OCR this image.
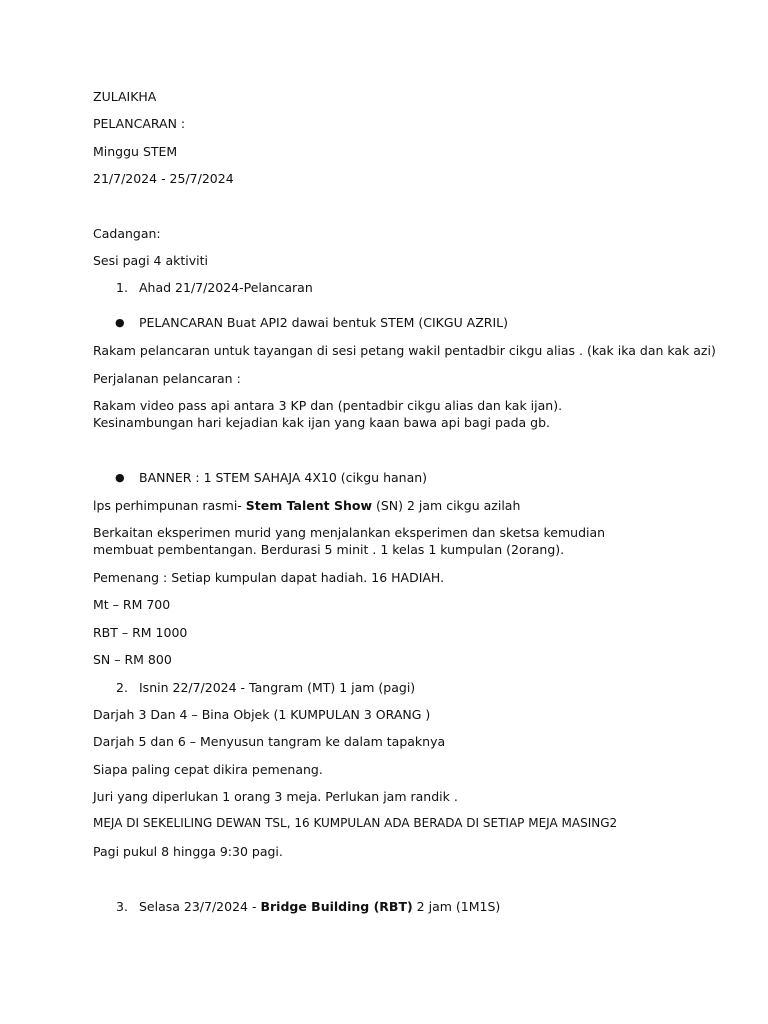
ZULAIKHA
PELANCARAN :
Minggu STEM
21/7/2024 - 25/7/2024
Cadangan:
Sesi pagi 4 aktiviti
1. Ahad 21/7/2024-Pelancaran
● PELANCARAN Buat API2 dawai bentuk STEM (CIKGU AZRIL)
Rakam pelancaran untuk tayangan di sesi petang wakil pentadbir cikgu alias . (kak ika dan kak azi)
Perjalanan pelancaran :
Rakam video pass api antara 3 KP dan (pentadbir cikgu alias dan kak ijan). Kesinambungan hari kejadian kak ijan yang kaan bawa api bagi pada gb.
● BANNER : 1 STEM SAHAJA 4X10 (cikgu hanan)
lps perhimpunan rasmi- Stem Talent Show (SN) 2 jam cikgu azilah
Berkaitan eksperimen murid yang menjalankan eksperimen dan sketsa kemudian membuat pembentangan. Berdurasi 5 minit . 1 kelas 1 kumpulan (2orang).
Pemenang : Setiap kumpulan dapat hadiah. 16 HADIAH.
Mt – RM 700
RBT – RM 1000
SN – RM 800
2. Isnin 22/7/2024 - Tangram (MT) 1 jam (pagi)
Darjah 3 Dan 4 – Bina Objek (1 KUMPULAN 3 ORANG )
Darjah 5 dan 6 – Menyusun tangram ke dalam tapaknya
Siapa paling cepat dikira pemenang.
Juri yang diperlukan 1 orang 3 meja. Perlukan jam randik .
MEJA DI SEKELILING DEWAN TSL, 16 KUMPULAN ADA BERADA DI SETIAP MEJA MASING2
Pagi pukul 8 hingga 9:30 pagi.
3. Selasa 23/7/2024 - Bridge Building (RBT) 2 jam (1M1S)
